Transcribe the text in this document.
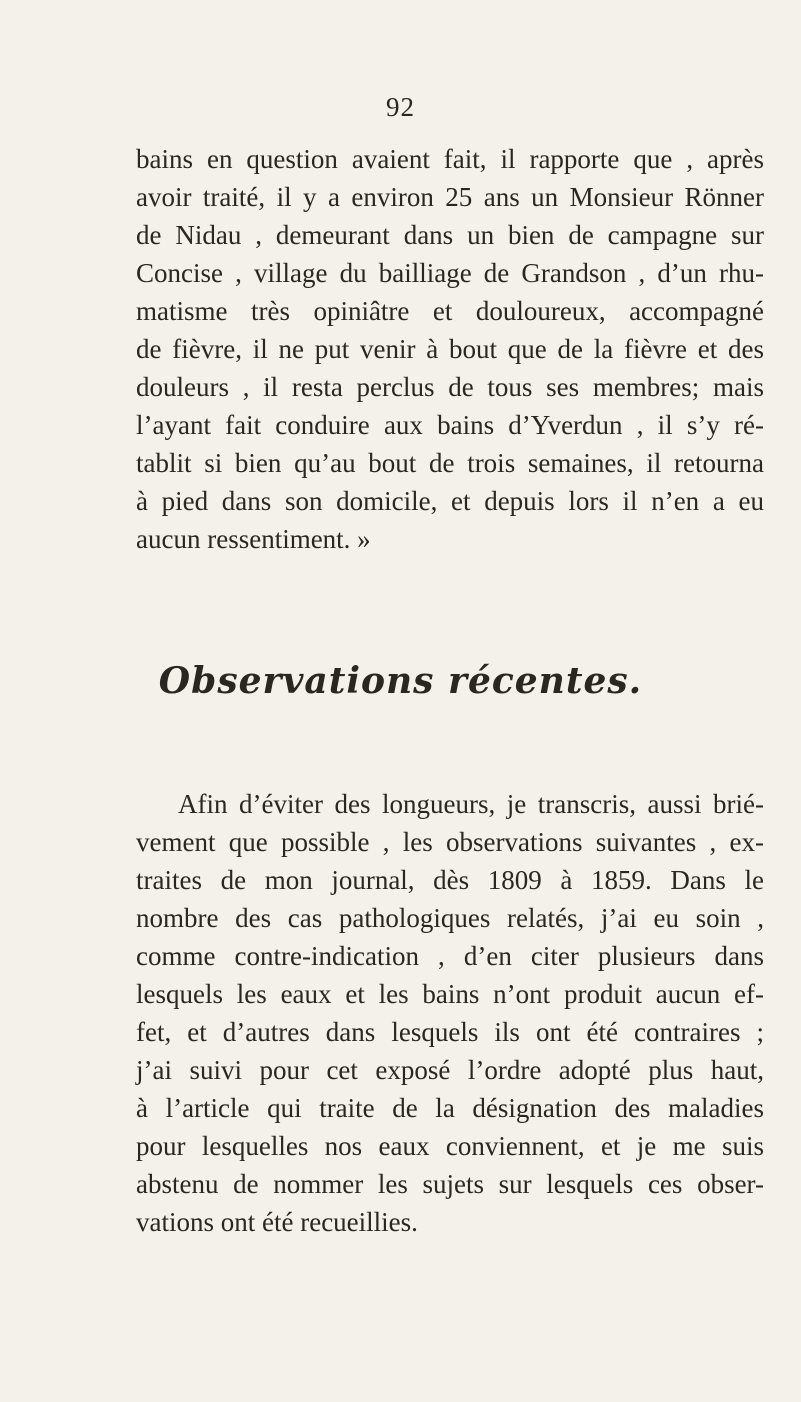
92
bains en question avaient fait, il rapporte que , après
avoir traité, il y a environ 25 ans un Monsieur Rönner
de Nidau , demeurant dans un bien de campagne sur
Concise , village du bailliage de Grandson , d’un rhu-
matisme très opiniâtre et douloureux, accompagné
de fièvre, il ne put venir à bout que de la fièvre et des
douleurs , il resta perclus de tous ses membres; mais
l’ayant fait conduire aux bains d’Yverdun , il s’y ré-
tablit si bien qu’au bout de trois semaines, il retourna
à pied dans son domicile, et depuis lors il n’en a eu
aucun ressentiment. »
Observations récentes.
Afin d’éviter des longueurs, je transcris, aussi brié-
vement que possible , les observations suivantes , ex-
traites de mon journal, dès 1809 à 1859. Dans le
nombre des cas pathologiques relatés, j’ai eu soin ,
comme contre-indication , d’en citer plusieurs dans
lesquels les eaux et les bains n’ont produit aucun ef-
fet, et d’autres dans lesquels ils ont été contraires ;
j’ai suivi pour cet exposé l’ordre adopté plus haut,
à l’article qui traite de la désignation des maladies
pour lesquelles nos eaux conviennent, et je me suis
abstenu de nommer les sujets sur lesquels ces obser-
vations ont été recueillies.
